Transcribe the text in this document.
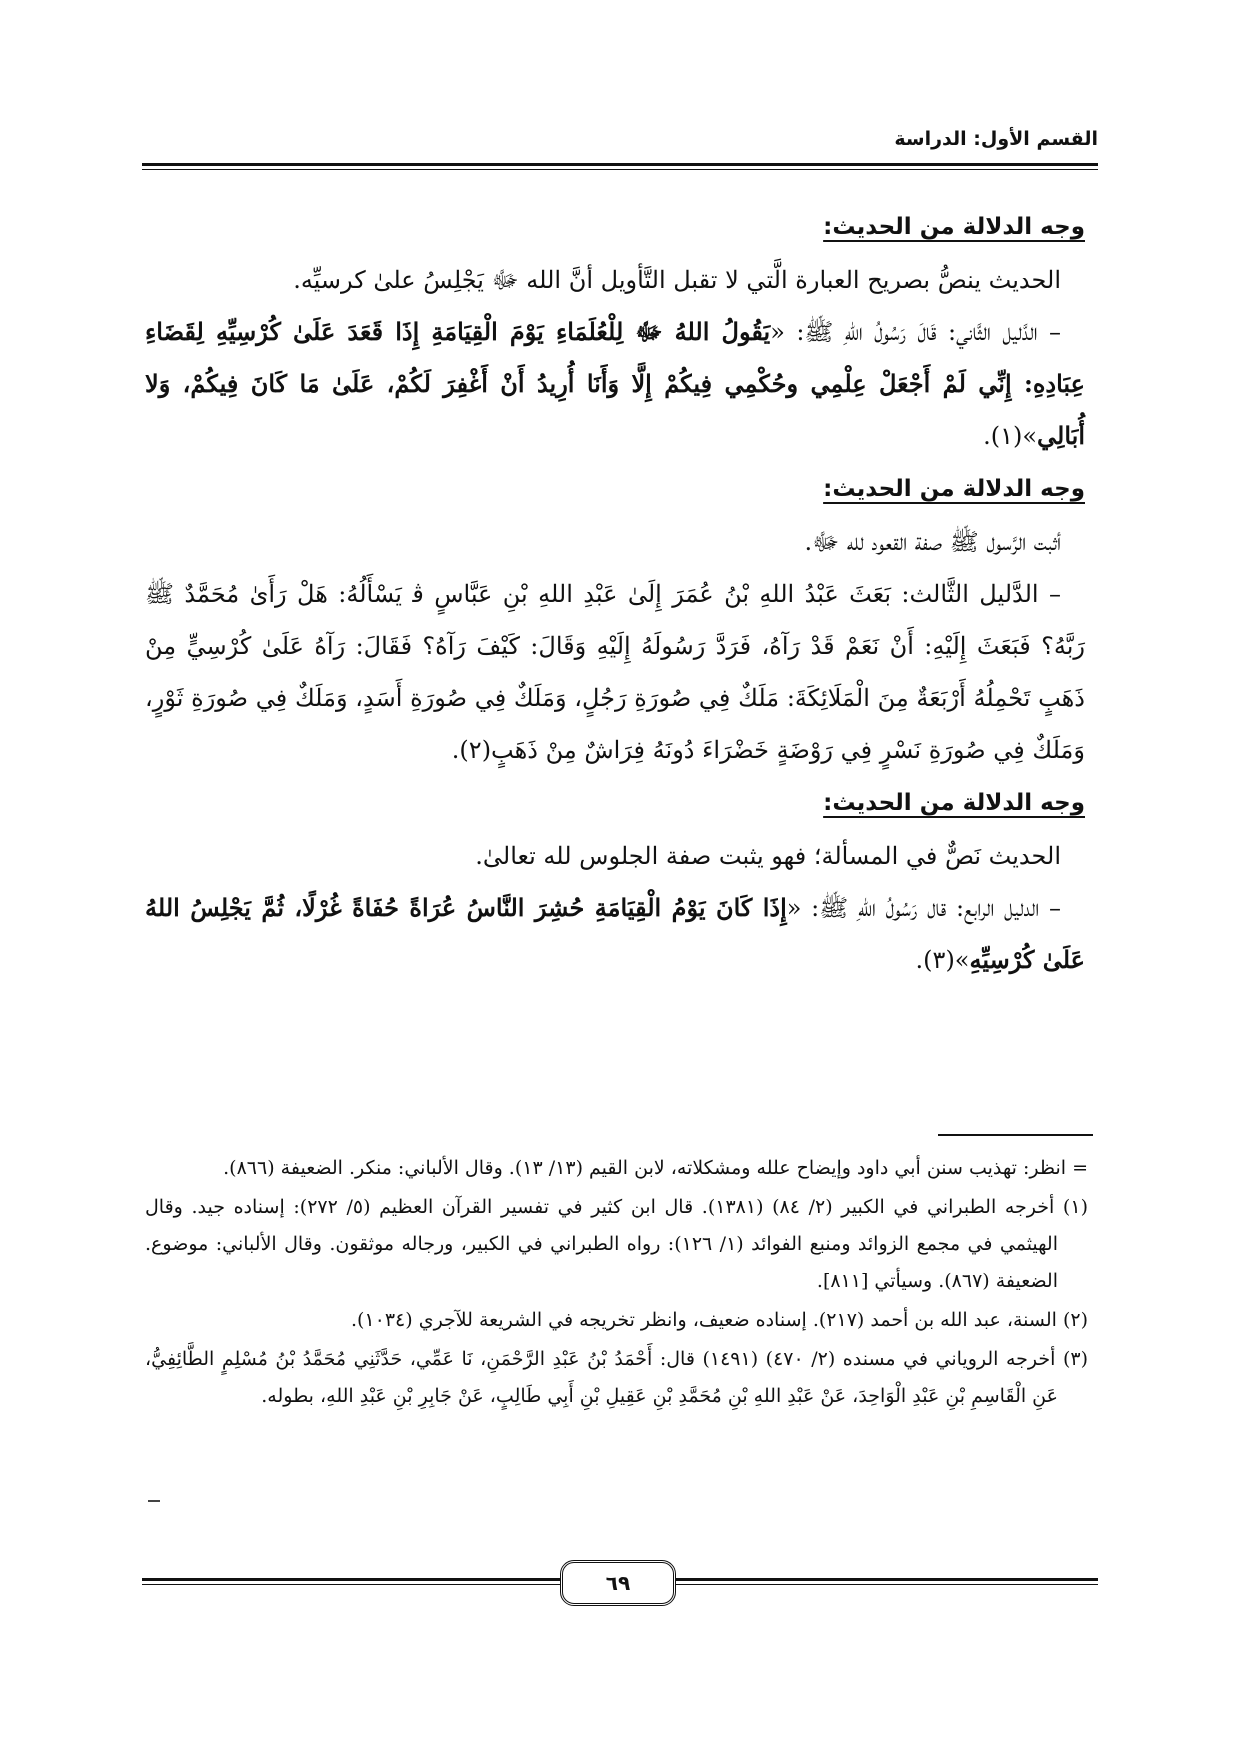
القسم الأول: الدراسة
وجه الدلالة من الحديث:

الحديث ينصُّ بصريح العبارة الَّتي لا تقبل التَّأويل أنَّ الله ﷻ يَجْلِسُ علىٰ كرسيِّه.

– الدَّليل الثَّاني: قَالَ رَسُولُ اللهِ ﷺ: «يَقُولُ اللهُ ﷻ لِلْعُلَمَاءِ يَوْمَ الْقِيَامَةِ إِذَا قَعَدَ عَلَىٰ كُرْسِيِّهِ لِقَضَاءِ عِبَادِهِ: إِنِّي لَمْ أَجْعَلْ عِلْمِي وحُكْمِي فِيكُمْ إِلَّا وَأَنَا أُرِيدُ أَنْ أَغْفِرَ لَكُمْ، عَلَىٰ مَا كَانَ فِيكُمْ، وَلا أُبَالِي»(١).

وجه الدلالة من الحديث:

أثبت الرَّسول ﷺ صفة القعود لله ﷻ.

– الدَّليل الثَّالث: بَعَثَ عَبْدُ اللهِ بْنُ عُمَرَ إِلَىٰ عَبْدِ اللهِ بْنِ عَبَّاسٍ ﭬ يَسْأَلُهُ: هَلْ رَأَىٰ مُحَمَّدٌ ﷺ رَبَّهُ؟ فَبَعَثَ إِلَيْهِ: أَنْ نَعَمْ قَدْ رَآهُ، فَرَدَّ رَسُولَهُ إِلَيْهِ وَقَالَ: كَيْفَ رَآهُ؟ فَقَالَ: رَآهُ عَلَىٰ كُرْسِيٍّ مِنْ ذَهَبٍ تَحْمِلُهُ أَرْبَعَةٌ مِنَ الْمَلَائِكَةَ: مَلَكٌ فِي صُورَةِ رَجُلٍ، وَمَلَكٌ فِي صُورَةِ أَسَدٍ، وَمَلَكٌ فِي صُورَةِ ثَوْرٍ، وَمَلَكٌ فِي صُورَةِ نَسْرٍ فِي رَوْضَةٍ خَضْرَاءَ دُونَهُ فِرَاشٌ مِنْ ذَهَبٍ(٢).

وجه الدلالة من الحديث:

الحديث نَصٌّ في المسألة؛ فهو يثبت صفة الجلوس لله تعالىٰ.

– الدليل الرابع: قال رَسُولُ اللهِ ﷺ: «إِذَا كَانَ يَوْمُ الْقِيَامَةِ حُشِرَ النَّاسُ عُرَاةً حُفَاةً غُرْلًا، ثُمَّ يَجْلِسُ اللهُ عَلَىٰ كُرْسِيِّهِ»(٣).

= انظر: تهذيب سنن أبي داود وإيضاح علله ومشكلاته، لابن القيم (١٣/ ١٣). وقال الألباني: منكر. الضعيفة (٨٦٦).

(١) أخرجه الطبراني في الكبير (٢/ ٨٤) (١٣٨١). قال ابن كثير في تفسير القرآن العظيم (٥/ ٢٧٢): إسناده جيد. وقال الهيثمي في مجمع الزوائد ومنبع الفوائد (١/ ١٢٦): رواه الطبراني في الكبير، ورجاله موثقون. وقال الألباني: موضوع. الضعيفة (٨٦٧). وسيأتي [٨١١].

(٢) السنة، عبد الله بن أحمد (٢١٧). إسناده ضعيف، وانظر تخريجه في الشريعة للآجري (١٠٣٤).

(٣) أخرجه الروياني في مسنده (٢/ ٤٧٠) (١٤٩١) قال: أَحْمَدُ بْنُ عَبْدِ الرَّحْمَنِ، نَا عَمِّي، حَدَّثَنِي مُحَمَّدُ بْنُ مُسْلِمٍ الطَّائِفِيُّ، عَنِ الْقَاسِمِ بْنِ عَبْدِ الْوَاحِدَ، عَنْ عَبْدِ اللهِ بْنِ مُحَمَّدِ بْنِ عَقِيلِ بْنِ أَبِي طَالِبٍ، عَنْ جَابِرِ بْنِ عَبْدِ اللهِ، بطوله.

٦٩
